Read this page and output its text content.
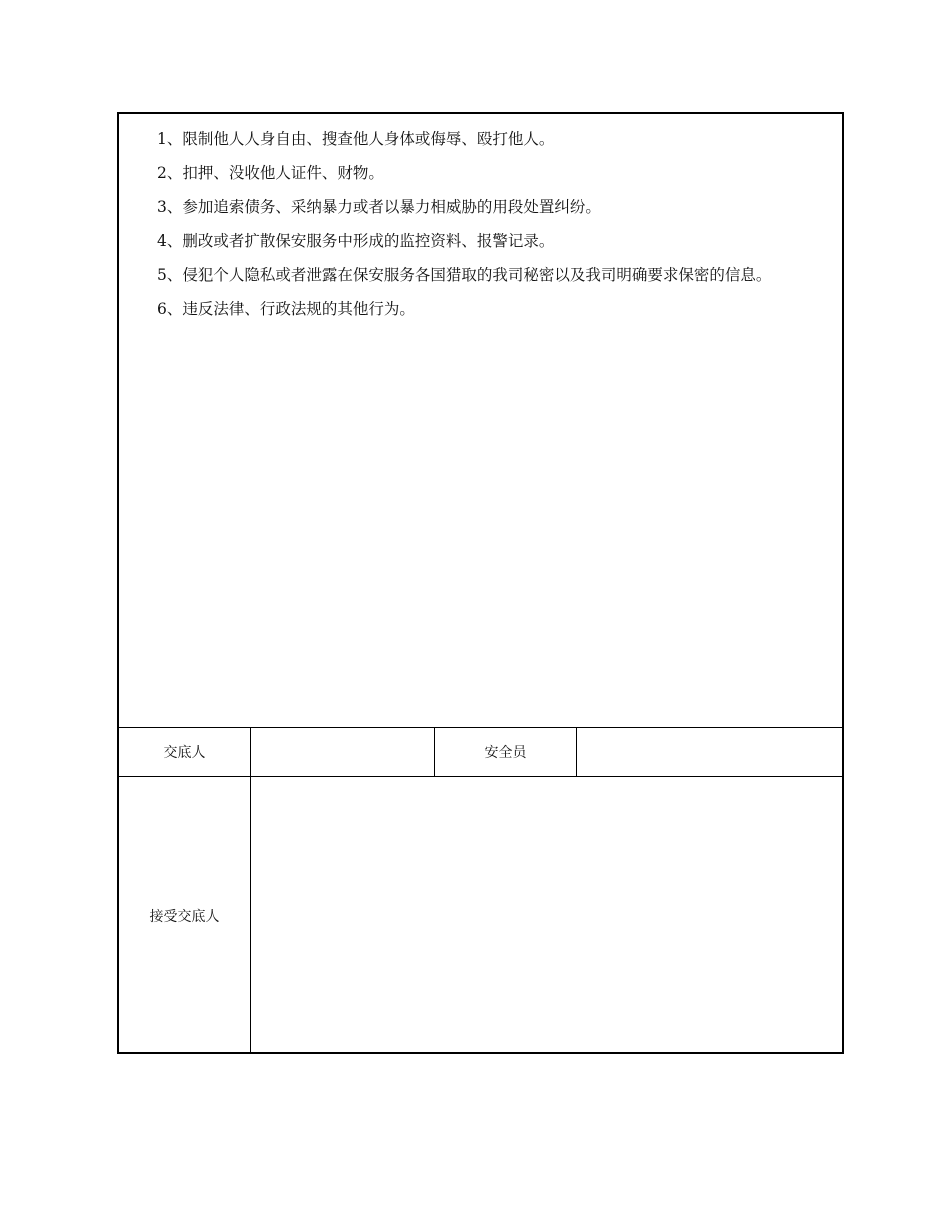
1、限制他人人身自由、搜查他人身体或侮辱、殴打他人。

2、扣押、没收他人证件、财物。

3、参加追索债务、采纳暴力或者以暴力相威胁的用段处置纠纷。

4、删改或者扩散保安服务中形成的监控资料、报警记录。

5、侵犯个人隐私或者泄露在保安服务各国猎取的我司秘密以及我司明确要求保密的信息。

6、违反法律、行政法规的其他行为。

交底人	安全员
接受交底人
